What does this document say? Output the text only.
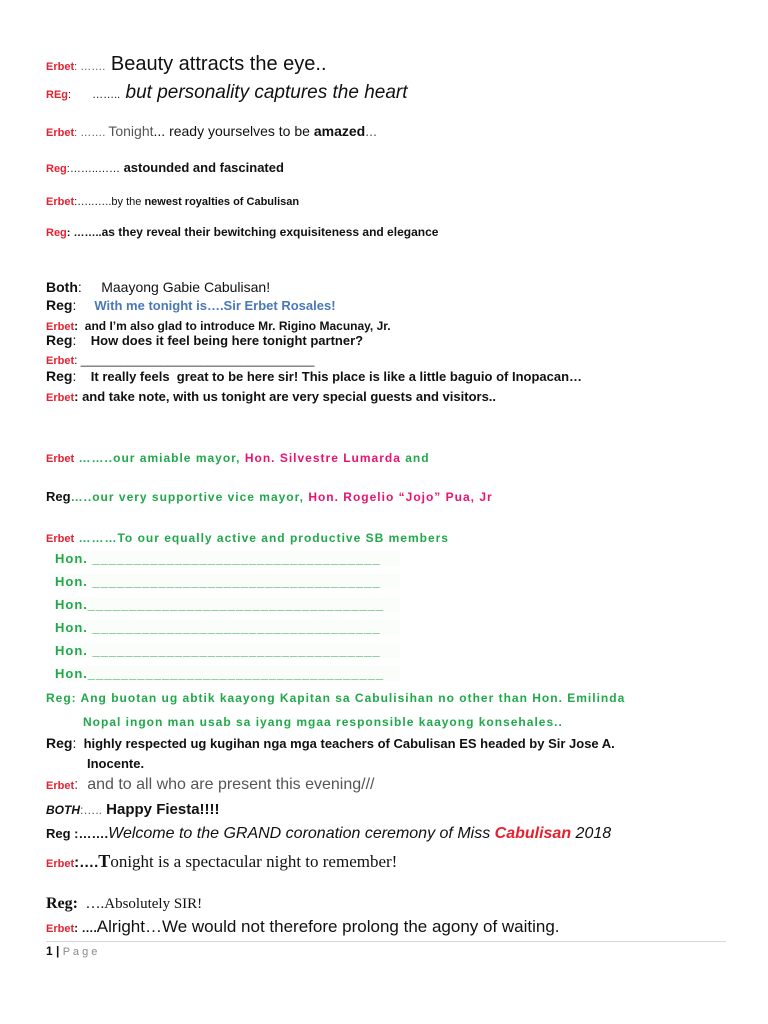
Erbet: ……. Beauty attracts the eye..
REg: …….. but personality captures the heart
Erbet: ……. Tonight... ready yourselves to be amazed...
Reg:……..…… astounded and fascinated
Erbet:…..…..by the newest royalties of Cabulisan
Reg: ……..as they reveal their bewitching exquisiteness and elegance
Both:     Maayong Gabie Cabulisan!
Reg:     With me tonight is….Sir Erbet Rosales!
Erbet:  and I’m also glad to introduce Mr. Rigino Macunay, Jr.
Reg:    How does it feel being here tonight partner?
Erbet: ___________________________________
Reg:    It really feels  great to be here sir! This place is like a little baguio of Inopacan…
Erbet: and take note, with us tonight are very special guests and visitors..
Erbet ……..our amiable mayor, Hon. Silvestre Lumarda and
Reg…..our very supportive vice mayor, Hon. Rogelio “Jojo” Pua, Jr
Erbet ………To our equally active and productive SB members
Hon. ___________________________________
Hon. ___________________________________
Hon.____________________________________
Hon. ___________________________________
Hon. ___________________________________
Hon.____________________________________
Reg: Ang buotan ug abtik kaayong Kapitan sa Cabulisihan no other than Hon. Emilinda
Nopal ingon man usab sa iyang mgaa responsible kaayong konsehales..
Reg:  highly respected ug kugihan nga mga teachers of Cabulisan ES headed by Sir Jose A.
Inocente.
Erbet:  and to all who are present this evening///
BOTH:….. Happy Fiesta!!!!
Reg :…….Welcome to the GRAND coronation ceremony of Miss Cabulisan 2018
Erbet:….Tonight is a spectacular night to remember!
Reg:  ….Absolutely SIR!
Erbet: ….Alright…We would not therefore prolong the agony of waiting.
1 | P a g e
